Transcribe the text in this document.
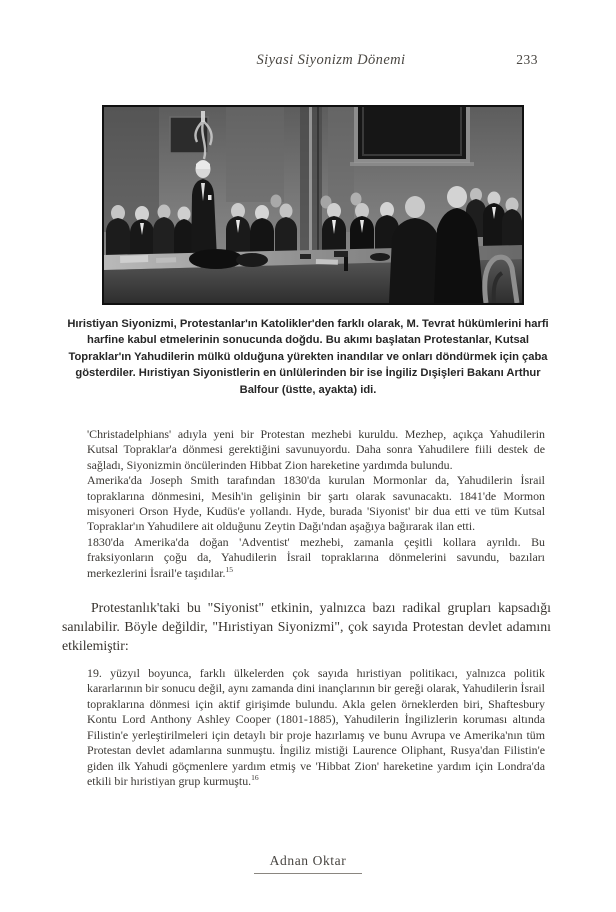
Siyasi Siyonizm Dönemi	233
Hıristiyan Siyonizmi, Protestanlar'ın Katolikler'den farklı olarak, M. Tevrat hükümlerini harfi harfine kabul etmelerinin sonucunda doğdu. Bu akımı başlatan Protestanlar, Kutsal Topraklar'ın Yahudilerin mülkü olduğuna yürekten inandılar ve onları döndürmek için çaba gösterdiler. Hıristiyan Siyonistlerin en ünlülerinden bir ise İngiliz Dışişleri Bakanı Arthur Balfour (üstte, ayakta) idi.

'Christadelphians' adıyla yeni bir Protestan mezhebi kuruldu. Mezhep, açıkça Yahudilerin Kutsal Topraklar'a dönmesi gerektiğini savunuyordu. Daha sonra Yahudilere fiili destek de sağladı, Siyonizmin öncülerinden Hibbat Zion hareketine yardımda bulundu.

Amerika'da Joseph Smith tarafından 1830'da kurulan Mormonlar da, Yahudilerin İsrail topraklarına dönmesini, Mesih'in gelişinin bir şartı olarak savunacaktı. 1841'de Mormon misyoneri Orson Hyde, Kudüs'e yollandı. Hyde, burada 'Siyonist' bir dua etti ve tüm Kutsal Topraklar'ın Yahudilere ait olduğunu Zeytin Dağı'ndan aşağıya bağırarak ilan etti.

1830'da Amerika'da doğan 'Adventist' mezhebi, zamanla çeşitli kollara ayrıldı. Bu fraksiyonların çoğu da, Yahudilerin İsrail topraklarına dönmelerini savundu, bazıları merkezlerini İsrail'e taşıdılar.$^{15}$

Protestanlık'taki bu "Siyonist" etkinin, yalnızca bazı radikal grupları kapsadığı sanılabilir. Böyle değildir, "Hıristiyan Siyonizmi", çok sayıda Protestan devlet adamını etkilemiştir:

19. yüzyıl boyunca, farklı ülkelerden çok sayıda hıristiyan politikacı, yalnızca politik kararlarının bir sonucu değil, aynı zamanda dini inançlarının bir gereği olarak, Yahudilerin İsrail topraklarına dönmesi için aktif girişimde bulundu. Akla gelen örneklerden biri, Shaftesbury Kontu Lord Anthony Ashley Cooper (1801-1885), Yahudilerin İngilizlerin koruması altında Filistin'e yerleştirilmeleri için detaylı bir proje hazırlamış ve bunu Avrupa ve Amerika'nın tüm Protestan devlet adamlarına sunmuştu. İngiliz mistiği Laurence Oliphant, Rusya'dan Filistin'e giden ilk Yahudi göçmenlere yardım etmiş ve 'Hibbat Zion' hareketine yardım için Londra'da etkili bir hıristiyan grup kurmuştu.$^{16}$

Adnan Oktar
